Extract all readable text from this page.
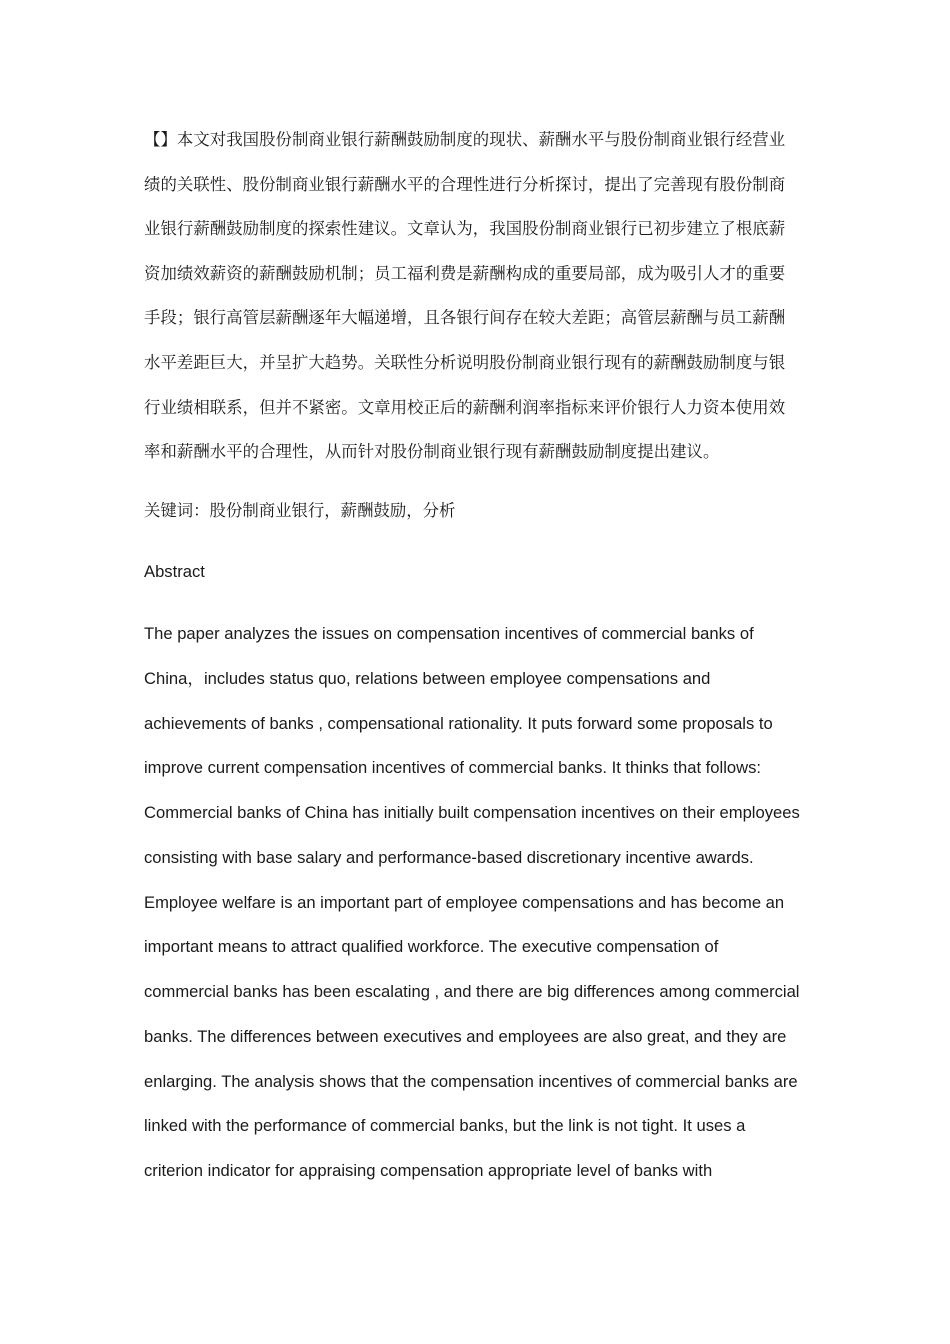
【】本文对我国股份制商业银行薪酬鼓励制度的现状、薪酬水平与股份制商业银行经营业
绩的关联性、股份制商业银行薪酬水平的合理性进行分析探讨，提出了完善现有股份制商
业银行薪酬鼓励制度的探索性建议。文章认为，我国股份制商业银行已初步建立了根底薪
资加绩效薪资的薪酬鼓励机制；员工福利费是薪酬构成的重要局部，成为吸引人才的重要
手段；银行高管层薪酬逐年大幅递增，且各银行间存在较大差距；高管层薪酬与员工薪酬
水平差距巨大，并呈扩大趋势。关联性分析说明股份制商业银行现有的薪酬鼓励制度与银
行业绩相联系，但并不紧密。文章用校正后的薪酬利润率指标来评价银行人力资本使用效
率和薪酬水平的合理性，从而针对股份制商业银行现有薪酬鼓励制度提出建议。
关键词：股份制商业银行，薪酬鼓励，分析
Abstract
The paper analyzes the issues on compensation incentives of commercial banks of
China，includes status quo, relations between employee compensations and
achievements of banks , compensational rationality. It puts forward some proposals to
improve current compensation incentives of commercial banks. It thinks that follows:
Commercial banks of China has initially built compensation incentives on their employees
consisting with base salary and performance-based discretionary incentive awards.
Employee welfare is an important part of employee compensations and has become an
important means to attract qualified workforce. The executive compensation of
commercial banks has been escalating , and there are big differences among commercial
banks. The differences between executives and employees are also great, and they are
enlarging. The analysis shows that the compensation incentives of commercial banks are
linked with the performance of commercial banks, but the link is not tight. It uses a
criterion indicator for appraising compensation appropriate level of banks with
